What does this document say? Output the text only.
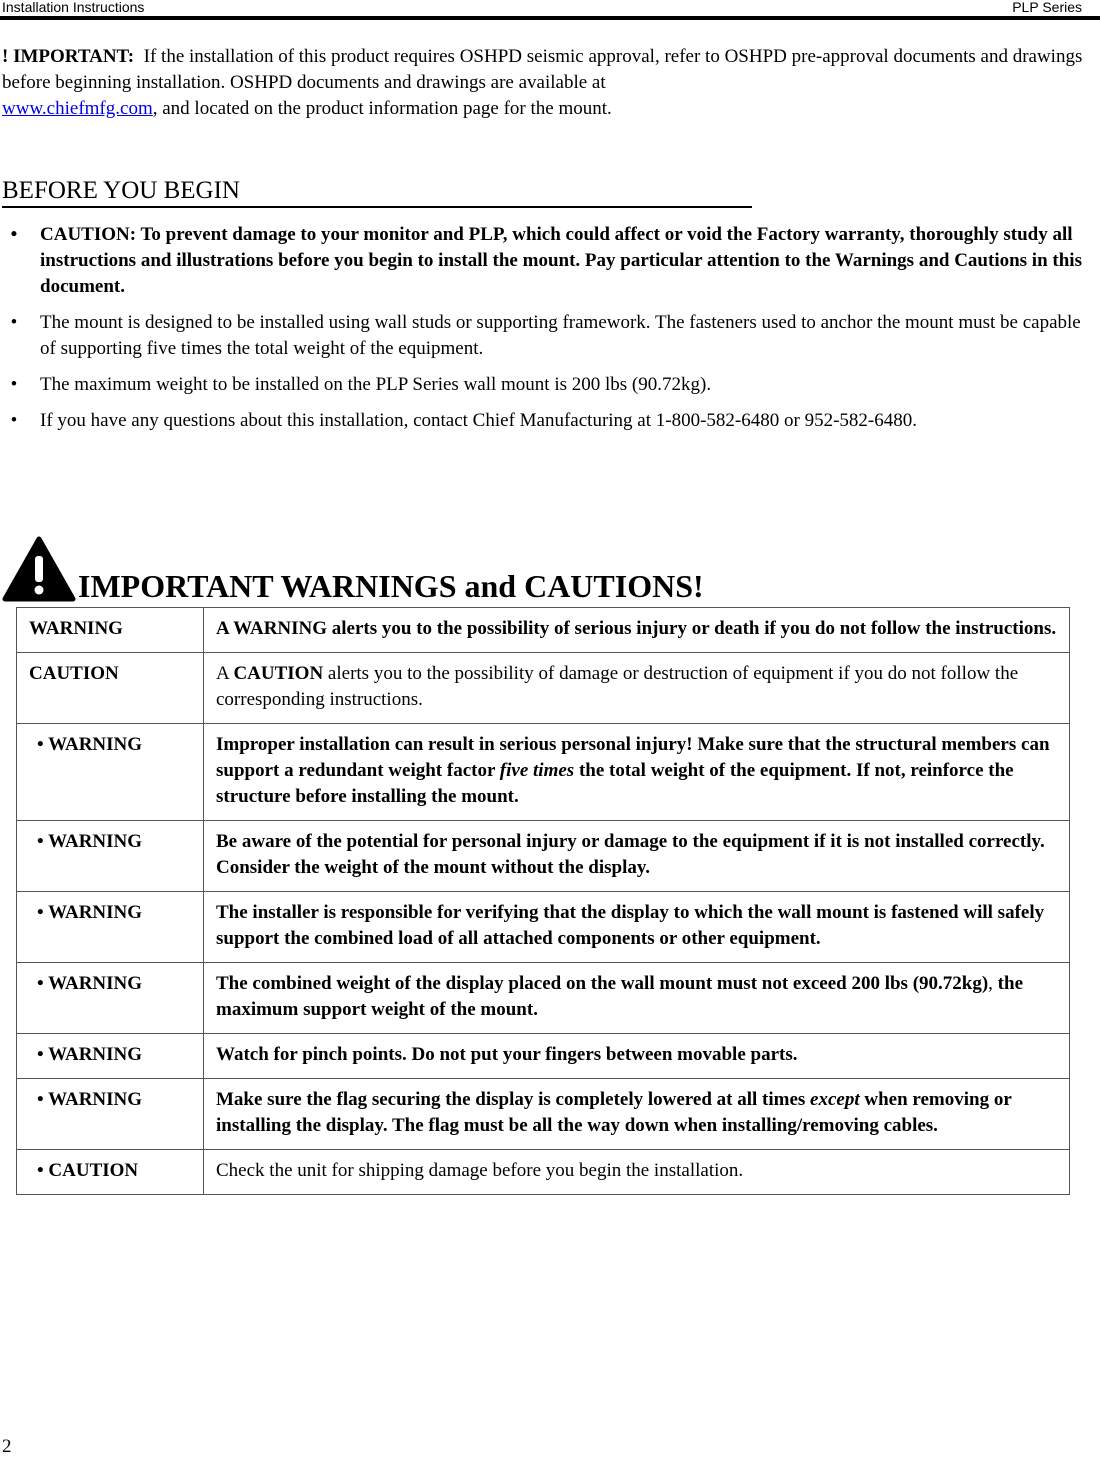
Installation Instructions	PLP Series
! IMPORTANT: If the installation of this product requires OSHPD seismic approval, refer to OSHPD pre-approval documents and drawings before beginning installation. OSHPD documents and drawings are available at
www.chiefmfg.com, and located on the product information page for the mount.
BEFORE YOU BEGIN
•	CAUTION: To prevent damage to your monitor and PLP, which could affect or void the Factory warranty, thoroughly study all instructions and illustrations before you begin to install the mount. Pay particular attention to the Warnings and Cautions in this document.
•	The mount is designed to be installed using wall studs or supporting framework. The fasteners used to anchor the mount must be capable of supporting five times the total weight of the equipment.
•	The maximum weight to be installed on the PLP Series wall mount is 200 lbs (90.72kg).
•	If you have any questions about this installation, contact Chief Manufacturing at 1-800-582-6480 or 952-582-6480.
IMPORTANT WARNINGS and CAUTIONS!
WARNING	A WARNING alerts you to the possibility of serious injury or death if you do not follow the instructions.
CAUTION	A CAUTION alerts you to the possibility of damage or destruction of equipment if you do not follow the corresponding instructions.
• WARNING	Improper installation can result in serious personal injury! Make sure that the structural members can support a redundant weight factor five times the total weight of the equipment. If not, reinforce the structure before installing the mount.
• WARNING	Be aware of the potential for personal injury or damage to the equipment if it is not installed correctly. Consider the weight of the mount without the display.
• WARNING	The installer is responsible for verifying that the display to which the wall mount is fastened will safely support the combined load of all attached components or other equipment.
• WARNING	The combined weight of the display placed on the wall mount must not exceed 200 lbs (90.72kg), the maximum support weight of the mount.
• WARNING	Watch for pinch points. Do not put your fingers between movable parts.
• WARNING	Make sure the flag securing the display is completely lowered at all times except when removing or installing the display. The flag must be all the way down when installing/removing cables.
• CAUTION	Check the unit for shipping damage before you begin the installation.
2
